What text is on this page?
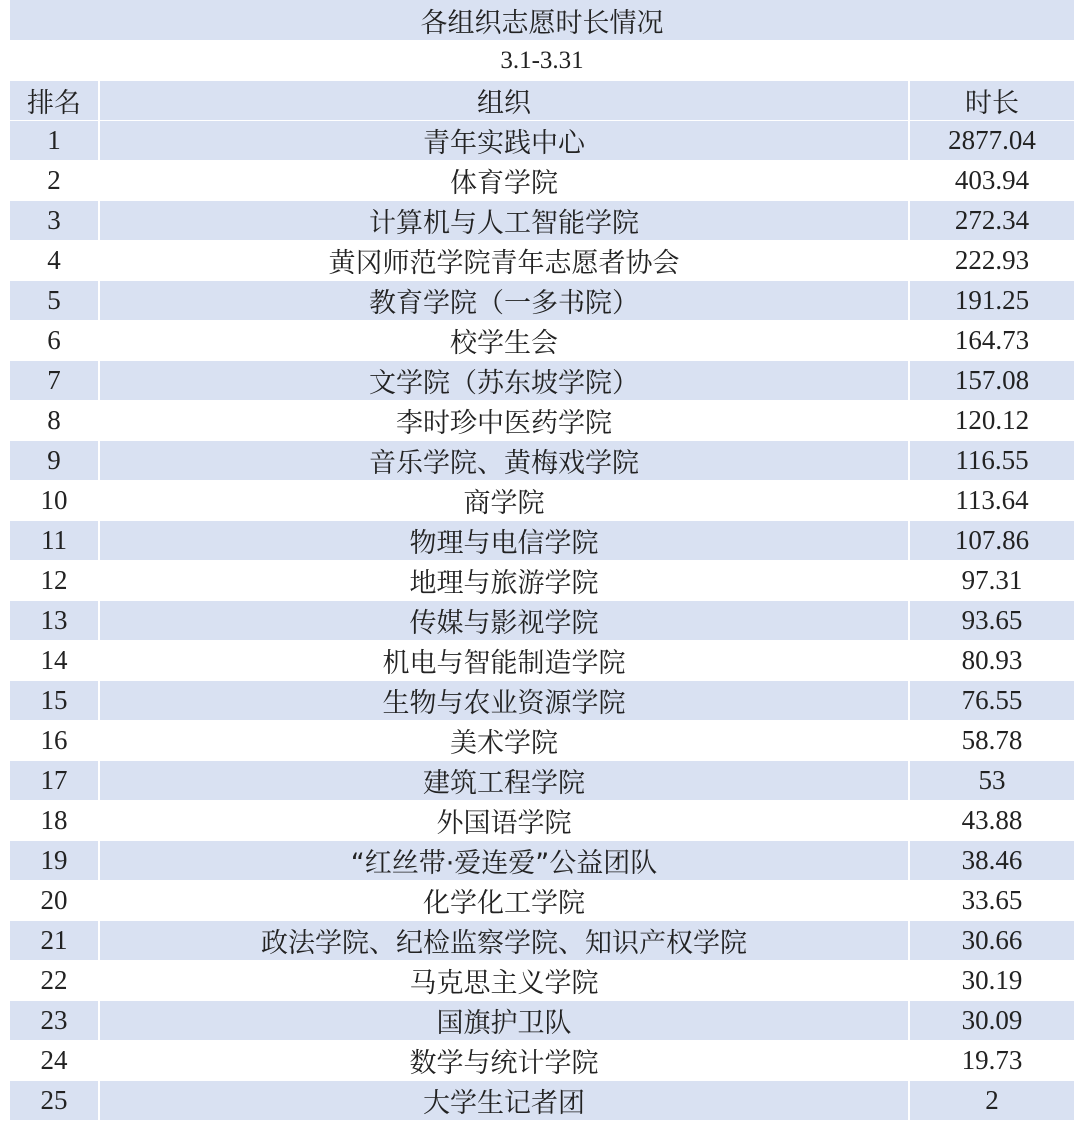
各组织志愿时长情况		
3.1-3.31		
排名	组织	时长
1	青年实践中心	2877.04
2	体育学院	403.94
3	计算机与人工智能学院	272.34
4	黄冈师范学院青年志愿者协会	222.93
5	教育学院（一多书院）	191.25
6	校学生会	164.73
7	文学院（苏东坡学院）	157.08
8	李时珍中医药学院	120.12
9	音乐学院、黄梅戏学院	116.55
10	商学院	113.64
11	物理与电信学院	107.86
12	地理与旅游学院	97.31
13	传媒与影视学院	93.65
14	机电与智能制造学院	80.93
15	生物与农业资源学院	76.55
16	美术学院	58.78
17	建筑工程学院	53
18	外国语学院	43.88
19	“红丝带·爱连爱”公益团队	38.46
20	化学化工学院	33.65
21	政法学院、纪检监察学院、知识产权学院	30.66
22	马克思主义学院	30.19
23	国旗护卫队	30.09
24	数学与统计学院	19.73
25	大学生记者团	2
